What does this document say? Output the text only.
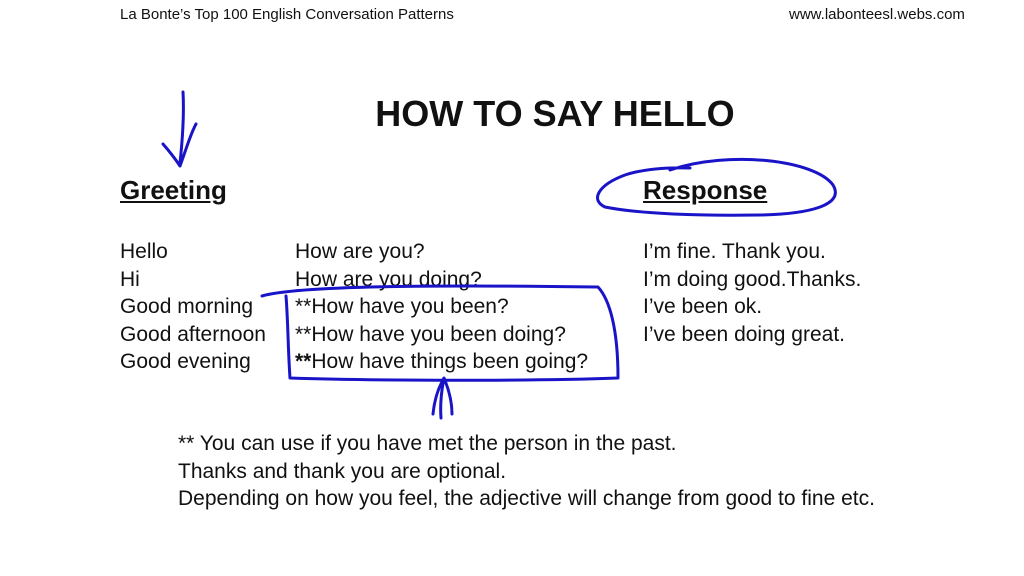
La Bonte’s Top 100 English Conversation Patterns	www.labonteesl.webs.com
HOW TO SAY HELLO
Greeting	Response
Hello
Hi
Good morning
Good afternoon
Good evening
How are you?
How are you doing?
**How have you been?
**How have you been doing?
**How have things been going?
I’m fine. Thank you.
I’m doing good.Thanks.
I’ve been ok.
I’ve been doing great.
** You can use if you have met the person in the past.
Thanks and thank you are optional.
Depending on how you feel, the adjective will change from good to fine etc.
